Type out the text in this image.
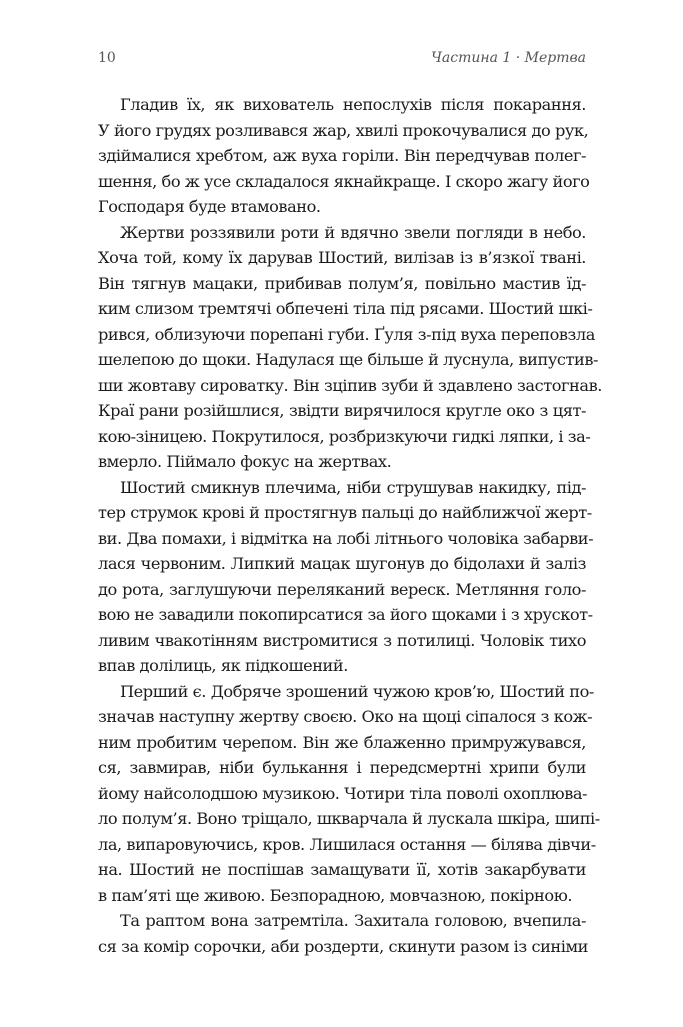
10	Частина 1 · Мертва
Гладив їх, як вихователь непослухів після покарання.
У його грудях розливався жар, хвилі прокочувалися до рук,
здіймалися хребтом, аж вуха горіли. Він передчував полег-
шення, бо ж усе складалося якнайкраще. І скоро жагу його
Господаря буде втамовано.
Жертви роззявили роти й вдячно звели погляди в небо.
Хоча той, кому їх дарував Шостий, вилізав із в’язкої твані.
Він тягнув мацаки, прибивав полум’я, повільно мастив їд-
ким слизом тремтячі обпечені тіла під рясами. Шостий шкі-
рився, облизуючи порепані губи. Ґуля з-під вуха переповзла
шелепою до щоки. Надулася ще більше й луснула, випустив-
ши жовтаву сироватку. Він зціпив зуби й здавлено застогнав.
Краї рани розійшлися, звідти вирячилося кругле око з цят-
кою-зіницею. Покрутилося, розбризкуючи гидкі ляпки, і за-
вмерло. Піймало фокус на жертвах.
Шостий смикнув плечима, ніби струшував накидку, під-
тер струмок крові й простягнув пальці до найближчої жерт-
ви. Два помахи, і відмітка на лобі літнього чоловіка забарви-
лася червоним. Липкий мацак шугонув до бідолахи й заліз
до рота, заглушуючи переляканий вереск. Метляння голо-
вою не завадили покопирсатися за його щоками і з хрускот-
ливим чвакотінням вистромитися з потилиці. Чоловік тихо
впав долілиць, як підкошений.
Перший є. Добряче зрошений чужою кров’ю, Шостий по-
значав наступну жертву своєю. Око на щоці сіпалося з кож-
ним пробитим черепом. Він же блаженно примружувався,
ся, завмирав, ніби булькання і передсмертні хрипи були
йому найсолодшою музикою. Чотири тіла поволі охоплюва-
ло полум’я. Воно тріщало, шкварчала й лускала шкіра, шипі-
ла, випаровуючись, кров. Лишилася остання — білява дівчи-
на. Шостий не поспішав замащувати її, хотів закарбувати
в пам’яті ще живою. Безпорадною, мовчазною, покірною.
Та раптом вона затремтіла. Захитала головою, вчепила-
ся за комір сорочки, аби роздерти, скинути разом із синіми
